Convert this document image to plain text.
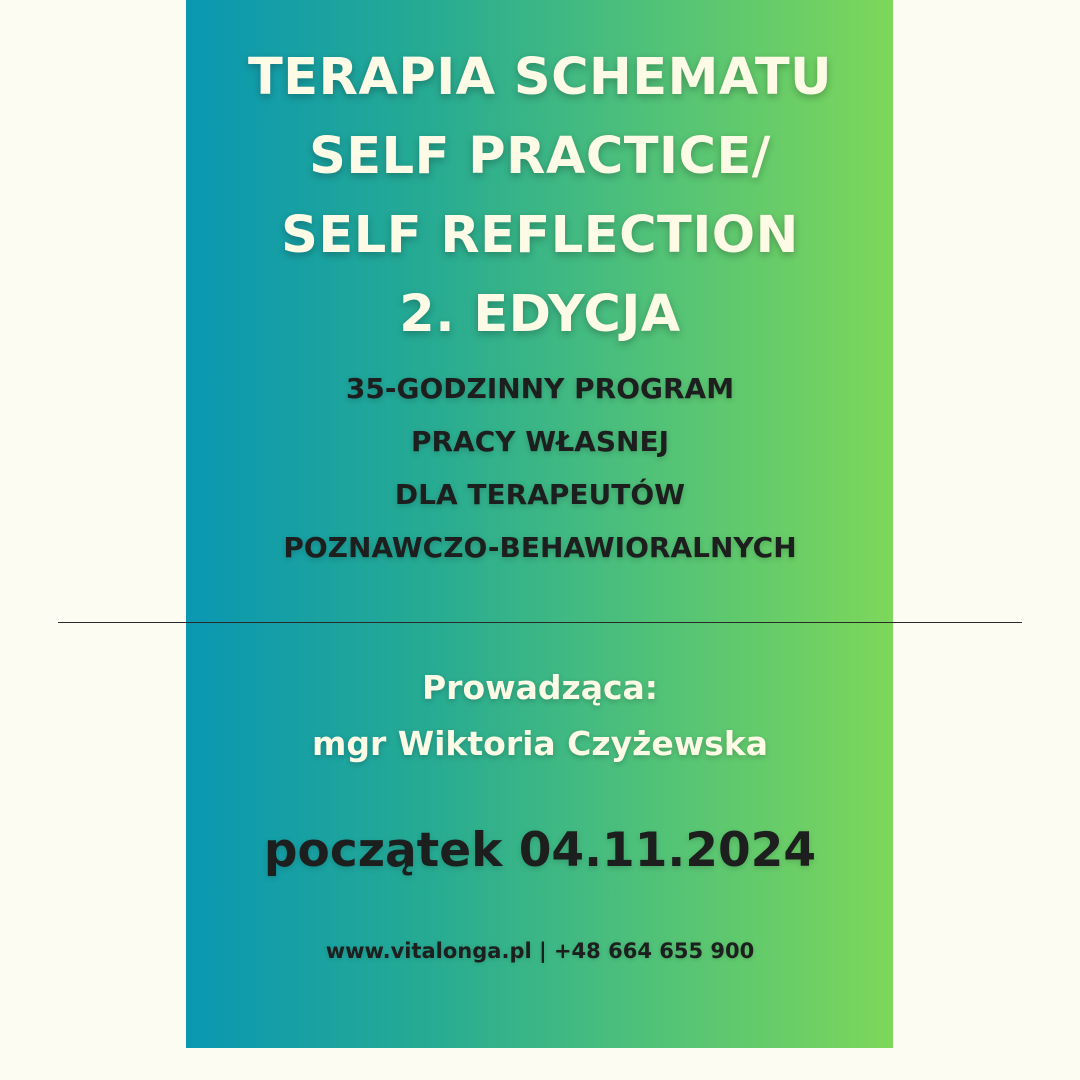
TERAPIA SCHEMATU
SELF PRACTICE/
SELF REFLECTION
2. EDYCJA
35-GODZINNY PROGRAM
PRACY WŁASNEJ
DLA TERAPEUTÓW
POZNAWCZO-BEHAWIORALNYCH
Prowadząca:
mgr Wiktoria Czyżewska
początek 04.11.2024
www.vitalonga.pl | +48 664 655 900
